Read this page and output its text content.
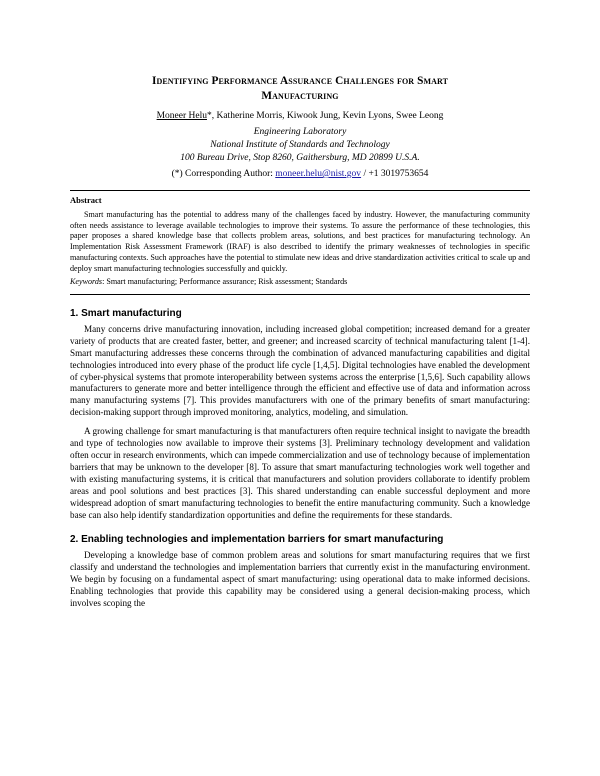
Identifying Performance Assurance Challenges for Smart
Manufacturing
Moneer Helu*, Katherine Morris, Kiwook Jung, Kevin Lyons, Swee Leong
Engineering Laboratory
National Institute of Standards and Technology
100 Bureau Drive, Stop 8260, Gaithersburg, MD 20899 U.S.A.
(*) Corresponding Author: moneer.helu@nist.gov / +1 3019753654
Abstract

Smart manufacturing has the potential to address many of the challenges faced by industry. However, the manufacturing community often needs assistance to leverage available technologies to improve their systems. To assure the performance of these technologies, this paper proposes a shared knowledge base that collects problem areas, solutions, and best practices for manufacturing technology. An Implementation Risk Assessment Framework (IRAF) is also described to identify the primary weaknesses of technologies in specific manufacturing contexts. Such approaches have the potential to stimulate new ideas and drive standardization activities critical to scale up and deploy smart manufacturing technologies successfully and quickly.

Keywords: Smart manufacturing; Performance assurance; Risk assessment; Standards
1. Smart manufacturing

Many concerns drive manufacturing innovation, including increased global competition; increased demand for a greater variety of products that are created faster, better, and greener; and increased scarcity of technical manufacturing talent [1-4]. Smart manufacturing addresses these concerns through the combination of advanced manufacturing capabilities and digital technologies introduced into every phase of the product life cycle [1,4,5]. Digital technologies have enabled the development of cyber-physical systems that promote interoperability between systems across the enterprise [1,5,6]. Such capability allows manufacturers to generate more and better intelligence through the efficient and effective use of data and information across many manufacturing systems [7]. This provides manufacturers with one of the primary benefits of smart manufacturing: decision-making support through improved monitoring, analytics, modeling, and simulation.

A growing challenge for smart manufacturing is that manufacturers often require technical insight to navigate the breadth and type of technologies now available to improve their systems [3]. Preliminary technology development and validation often occur in research environments, which can impede commercialization and use of technology because of implementation barriers that may be unknown to the developer [8]. To assure that smart manufacturing technologies work well together and with existing manufacturing systems, it is critical that manufacturers and solution providers collaborate to identify problem areas and pool solutions and best practices [3]. This shared understanding can enable successful deployment and more widespread adoption of smart manufacturing technologies to benefit the entire manufacturing community. Such a knowledge base can also help identify standardization opportunities and define the requirements for these standards.

2. Enabling technologies and implementation barriers for smart manufacturing

Developing a knowledge base of common problem areas and solutions for smart manufacturing requires that we first classify and understand the technologies and implementation barriers that currently exist in the manufacturing environment. We begin by focusing on a fundamental aspect of smart manufacturing: using operational data to make informed decisions. Enabling technologies that provide this capability may be considered using a general decision-making process, which involves scoping the
